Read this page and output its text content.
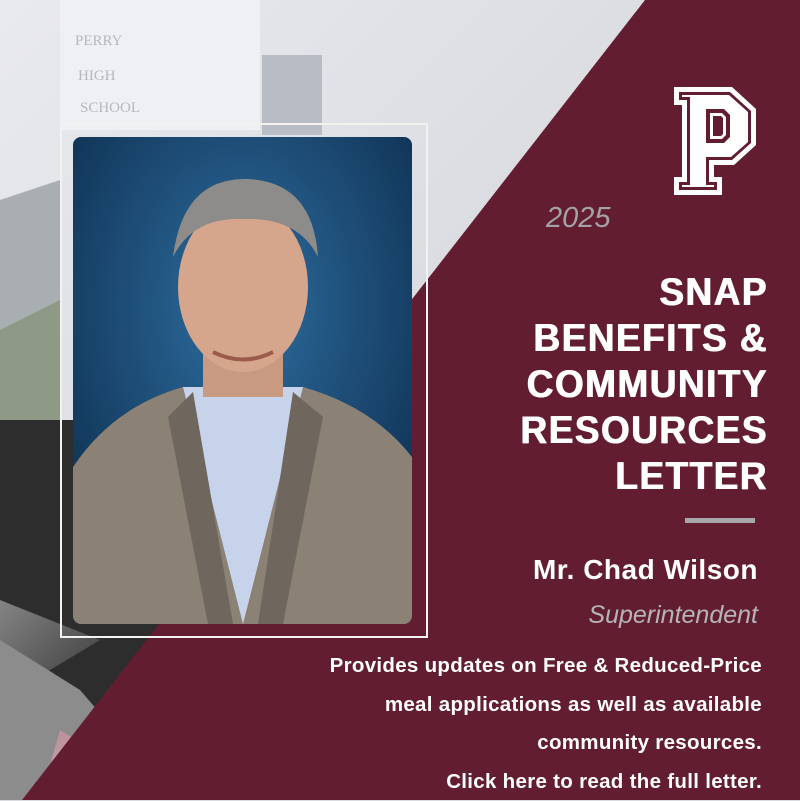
PERRY
HIGH
SCHOOL
2025
SNAP
BENEFITS &
COMMUNITY
RESOURCES
LETTER
Mr. Chad Wilson
Superintendent
Provides updates on Free & Reduced-Price
meal applications as well as available
community resources.
Click here to read the full letter.
